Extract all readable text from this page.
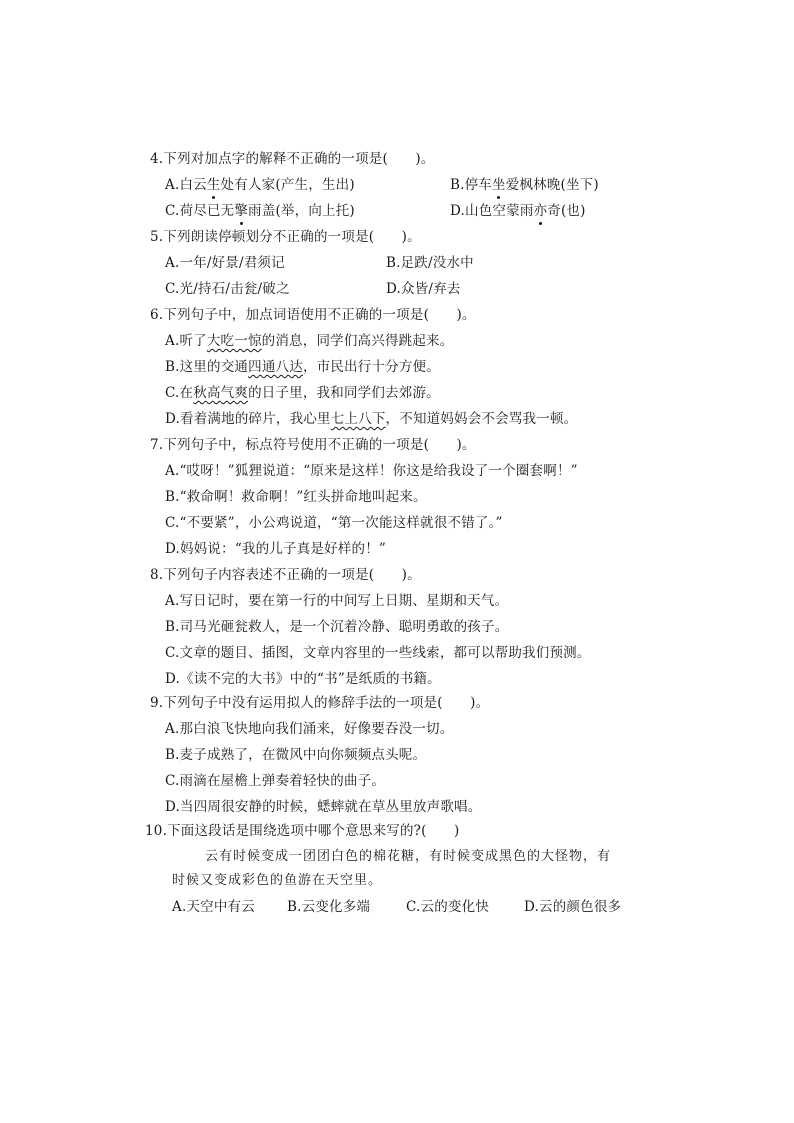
4.下列对加点字的解释不正确的一项是(　　)。
A.白云生处有人家(产生，生出)	B.停车坐爱枫林晚(坐下)
C.荷尽已无擎雨盖(举，向上托)	D.山色空蒙雨亦奇(也)
5.下列朗读停顿划分不正确的一项是(　　)。
A.一年/好景/君须记	B.足跌/没水中
C.光/持石/击瓮/破之	D.众皆/弃去
6.下列句子中，加点词语使用不正确的一项是(　　)。
A.听了大吃一惊的消息，同学们高兴得跳起来。
B.这里的交通四通八达，市民出行十分方便。
C.在秋高气爽的日子里，我和同学们去郊游。
D.看着满地的碎片，我心里七上八下，不知道妈妈会不会骂我一顿。
7.下列句子中，标点符号使用不正确的一项是(　　)。
A.“哎呀！”狐狸说道：“原来是这样！你这是给我设了一个圈套啊！”
B.“救命啊！救命啊！”红头拼命地叫起来。
C.“不要紧”，小公鸡说道，“第一次能这样就很不错了。”
D.妈妈说：“我的儿子真是好样的！”
8.下列句子内容表述不正确的一项是(　　)。
A.写日记时，要在第一行的中间写上日期、星期和天气。
B.司马光砸瓮救人，是一个沉着冷静、聪明勇敢的孩子。
C.文章的题目、插图，文章内容里的一些线索，都可以帮助我们预测。
D.《读不完的大书》中的“书”是纸质的书籍。
9.下列句子中没有运用拟人的修辞手法的一项是(　　)。
A.那白浪飞快地向我们涌来，好像要吞没一切。
B.麦子成熟了，在微风中向你频频点头呢。
C.雨滴在屋檐上弹奏着轻快的曲子。
D.当四周很安静的时候，蟋蟀就在草丛里放声歌唱。
10.下面这段话是围绕选项中哪个意思来写的?(　　)
云有时候变成一团团白色的棉花糖，有时候变成黑色的大怪物，有
时候又变成彩色的鱼游在天空里。
A.天空中有云 B.云变化多端	C.云的变化快	D.云的颜色很多
